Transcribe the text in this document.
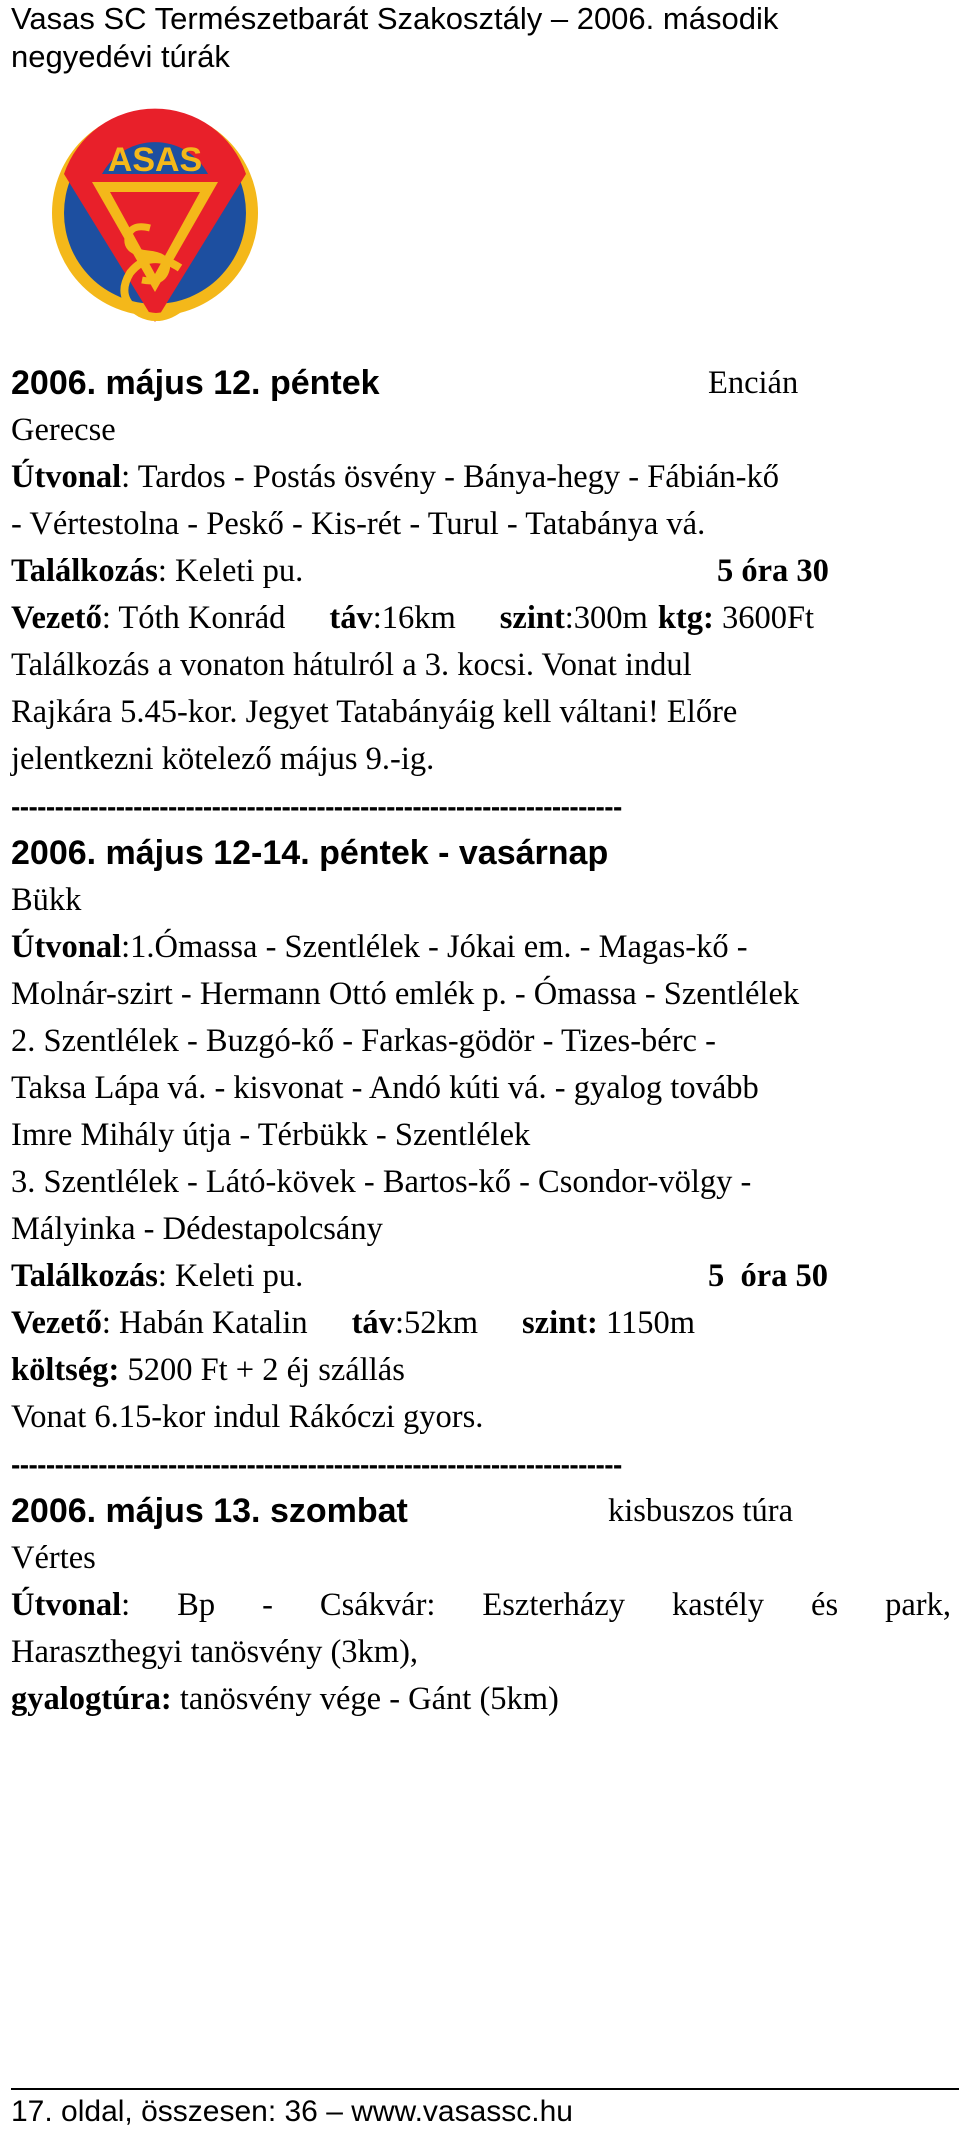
Vasas SC Természetbarát Szakosztály – 2006. második
negyedévi túrák
ASAS
2006. május 12. péntek	Encián
Gerecse
Útvonal: Tardos - Postás ösvény - Bánya-hegy - Fábián-kő
- Vértestolna - Peskő - Kis-rét - Turul - Tatabánya vá.
Találkozás: Keleti pu.	5 óra 30
Vezető: Tóth Konrád táv:16km szint:300m ktg: 3600Ft
Találkozás a vonaton hátulról a 3. kocsi. Vonat indul
Rajkára 5.45-kor. Jegyet Tatabányáig kell váltani! Előre
jelentkezni kötelező május 9.-ig.
----------------------------------------------------------------------
2006. május 12-14. péntek - vasárnap
Bükk
Útvonal:1.Ómassa - Szentlélek - Jókai em. - Magas-kő -
Molnár-szirt - Hermann Ottó emlék p. - Ómassa - Szentlélek
2. Szentlélek - Buzgó-kő - Farkas-gödör - Tizes-bérc -
Taksa Lápa vá. - kisvonat - Andó kúti vá. - gyalog tovább
Imre Mihály útja - Térbükk - Szentlélek
3. Szentlélek - Látó-kövek - Bartos-kő - Csondor-völgy -
Mályinka - Dédestapolcsány
Találkozás: Keleti pu.	5  óra 50
Vezető: Habán Katalin táv:52km szint: 1150m
költség: 5200 Ft + 2 éj szállás
Vonat 6.15-kor indul Rákóczi gyors.
----------------------------------------------------------------------
2006. május 13. szombat	kisbuszos túra
Vértes
Útvonal: Bp - Csákvár: Eszterházy kastély és park,
Haraszthegyi tanösvény (3km),
gyalogtúra: tanösvény vége - Gánt (5km)
17. oldal, összesen: 36 – www.vasassc.hu
